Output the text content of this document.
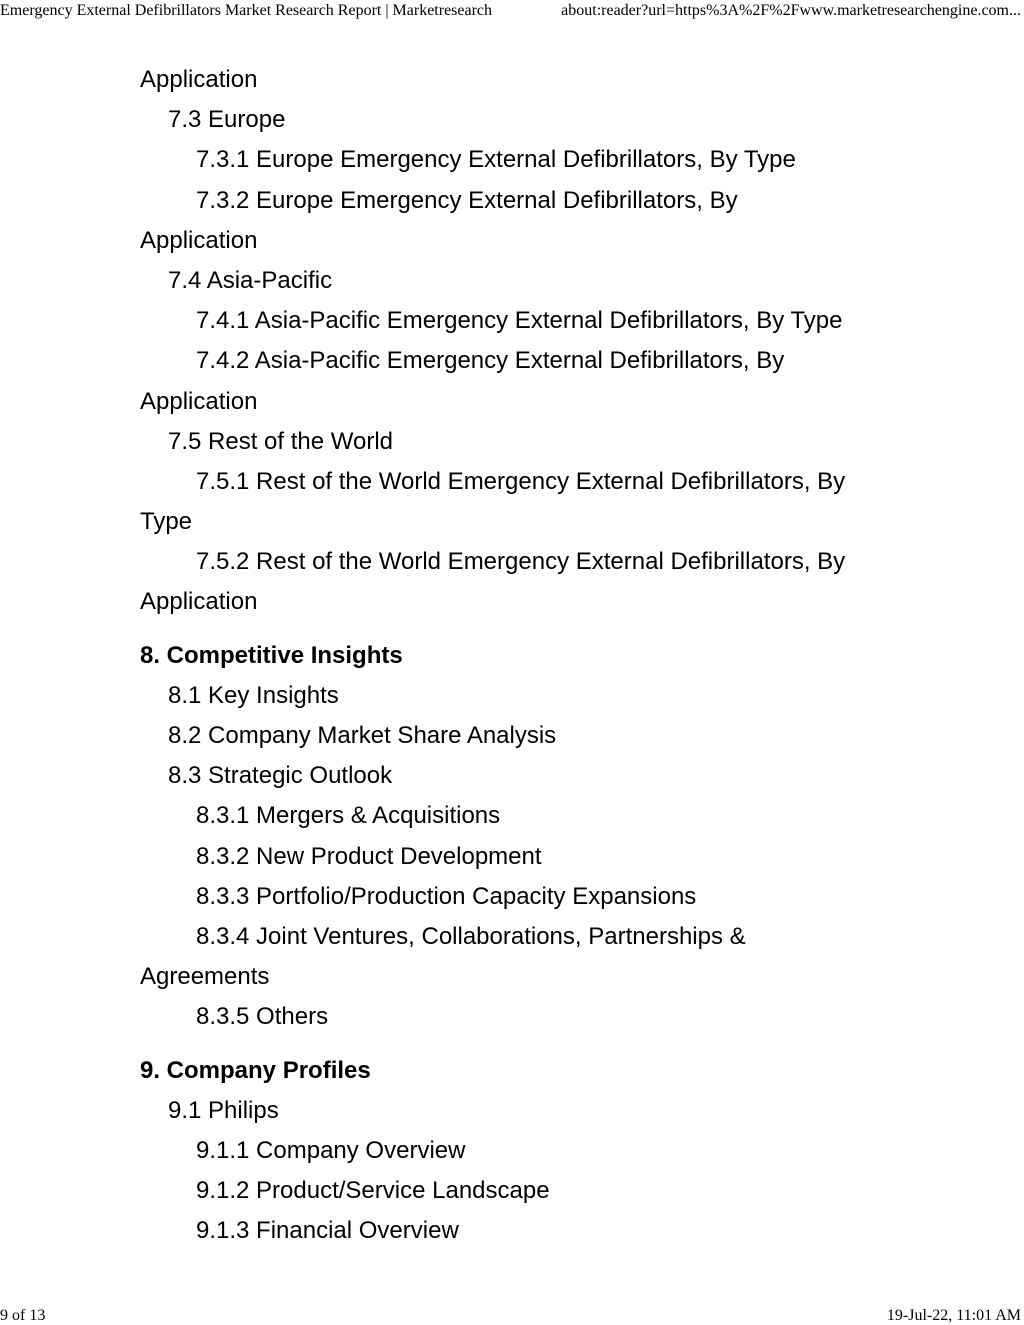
Emergency External Defibrillators Market Research Report | Marketresearch	about:reader?url=https%3A%2F%2Fwww.marketresearchengine.com...
Application
7.3 Europe
7.3.1 Europe Emergency External Defibrillators, By Type
7.3.2 Europe Emergency External Defibrillators, By
Application
7.4 Asia-Pacific
7.4.1 Asia-Pacific Emergency External Defibrillators, By Type
7.4.2 Asia-Pacific Emergency External Defibrillators, By
Application
7.5 Rest of the World
7.5.1 Rest of the World Emergency External Defibrillators, By
Type
7.5.2 Rest of the World Emergency External Defibrillators, By
Application
8. Competitive Insights
8.1 Key Insights
8.2 Company Market Share Analysis
8.3 Strategic Outlook
8.3.1 Mergers & Acquisitions
8.3.2 New Product Development
8.3.3 Portfolio/Production Capacity Expansions
8.3.4 Joint Ventures, Collaborations, Partnerships &
Agreements
8.3.5 Others
9. Company Profiles
9.1 Philips
9.1.1 Company Overview
9.1.2 Product/Service Landscape
9.1.3 Financial Overview
9 of 13	19-Jul-22, 11:01 AM
